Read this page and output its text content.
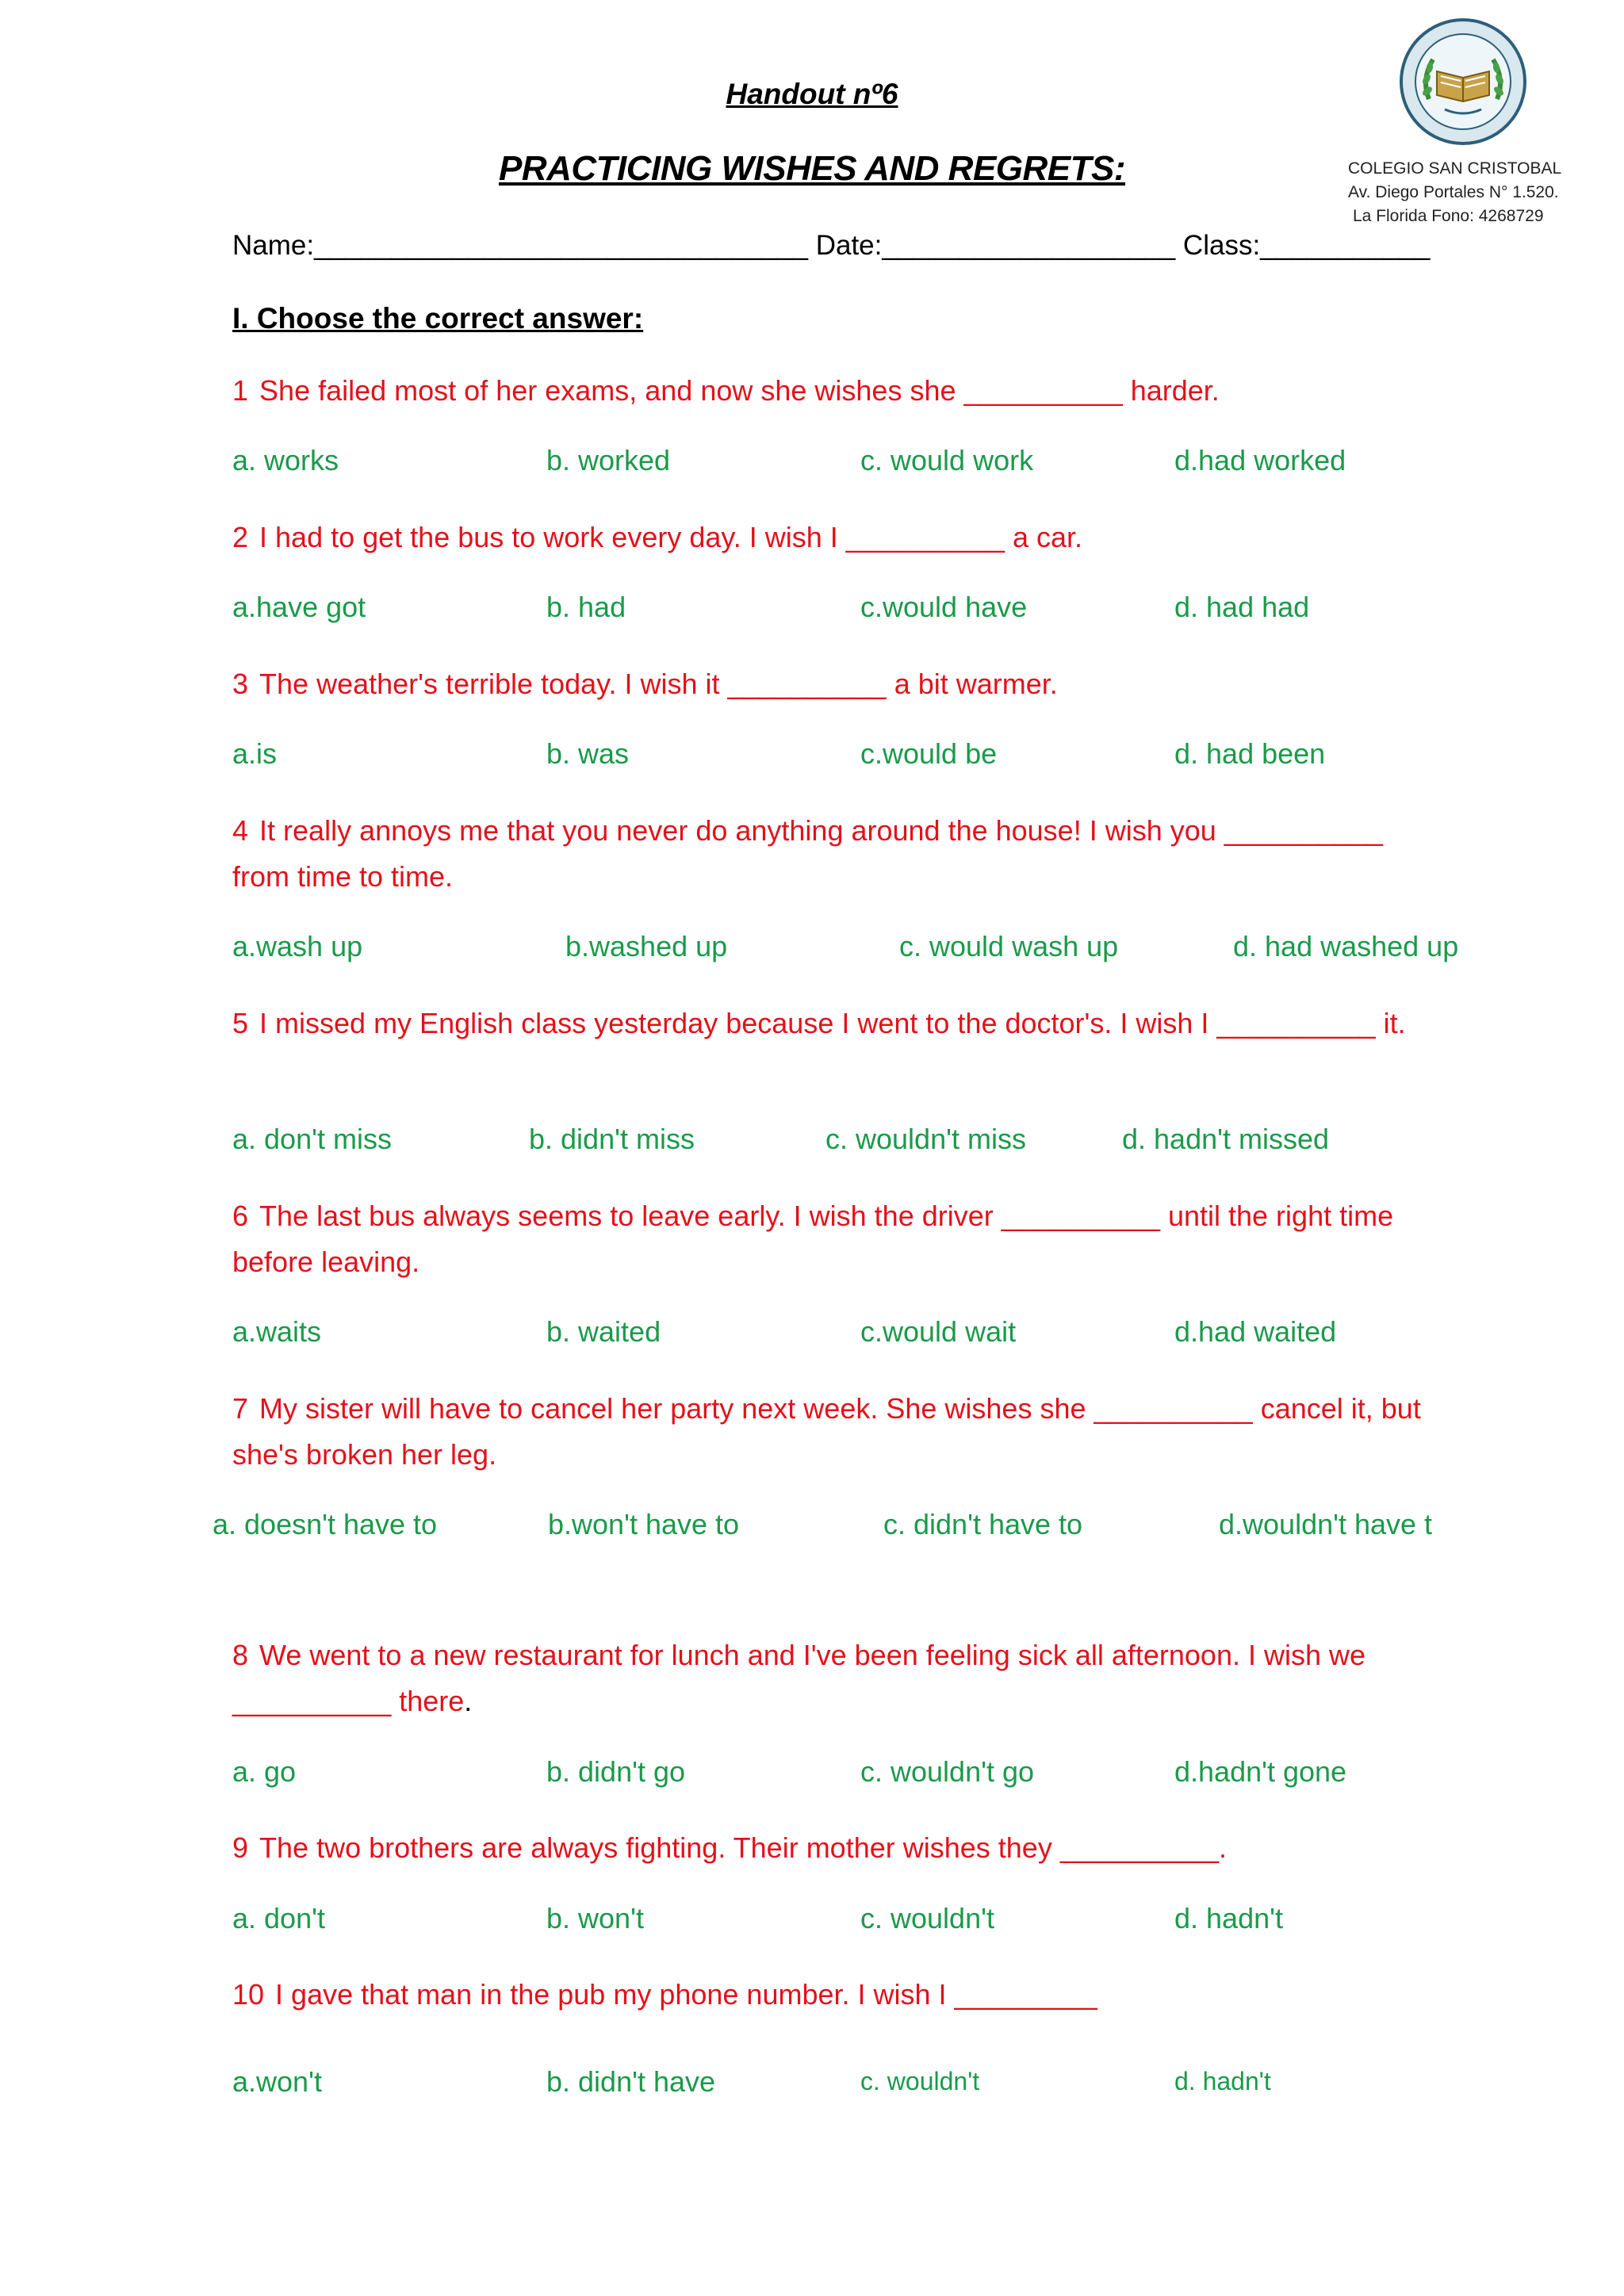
Handout nº6
PRACTICING WISHES AND REGRETS:	COLEGIO SAN CRISTOBAL
Av. Diego Portales N° 1.520.
La Florida Fono: 4268729
Name:________________________________ Date:___________________ Class:___________
I. Choose the correct answer:
1 She failed most of her exams, and now she wishes she __________ harder.
a. works	b. worked	c. would work	d.had worked
2 I had to get the bus to work every day. I wish I __________ a car.
a.have got	b. had	c.would have	d. had had
3 The weather's terrible today. I wish it __________ a bit warmer.
a.is	b. was	c.would be	d. had been
4 It really annoys me that you never do anything around the house! I wish you __________ from time to time.
a.wash up	b.washed up	c. would wash up	d. had washed up
5 I missed my English class yesterday because I went to the doctor's. I wish I __________ it.
a. don't miss	b. didn't miss	c. wouldn't miss	d. hadn't missed
6 The last bus always seems to leave early. I wish the driver __________ until the right time before leaving.
a.waits	b. waited	c.would wait	d.had waited
7 My sister will have to cancel her party next week. She wishes she __________ cancel it, but she's broken her leg.
a. doesn't have to	b.won't have to	c. didn't have to	d.wouldn't have t
8 We went to a new restaurant for lunch and I've been feeling sick all afternoon. I wish we __________ there.
a. go	b. didn't go	c. wouldn't go	d.hadn't gone
9 The two brothers are always fighting. Their mother wishes they __________.
a. don't	b. won't	c. wouldn't	d. hadn't
10 I gave that man in the pub my phone number. I wish I _________
a.won't	b. didn't have	c. wouldn't	d. hadn't
